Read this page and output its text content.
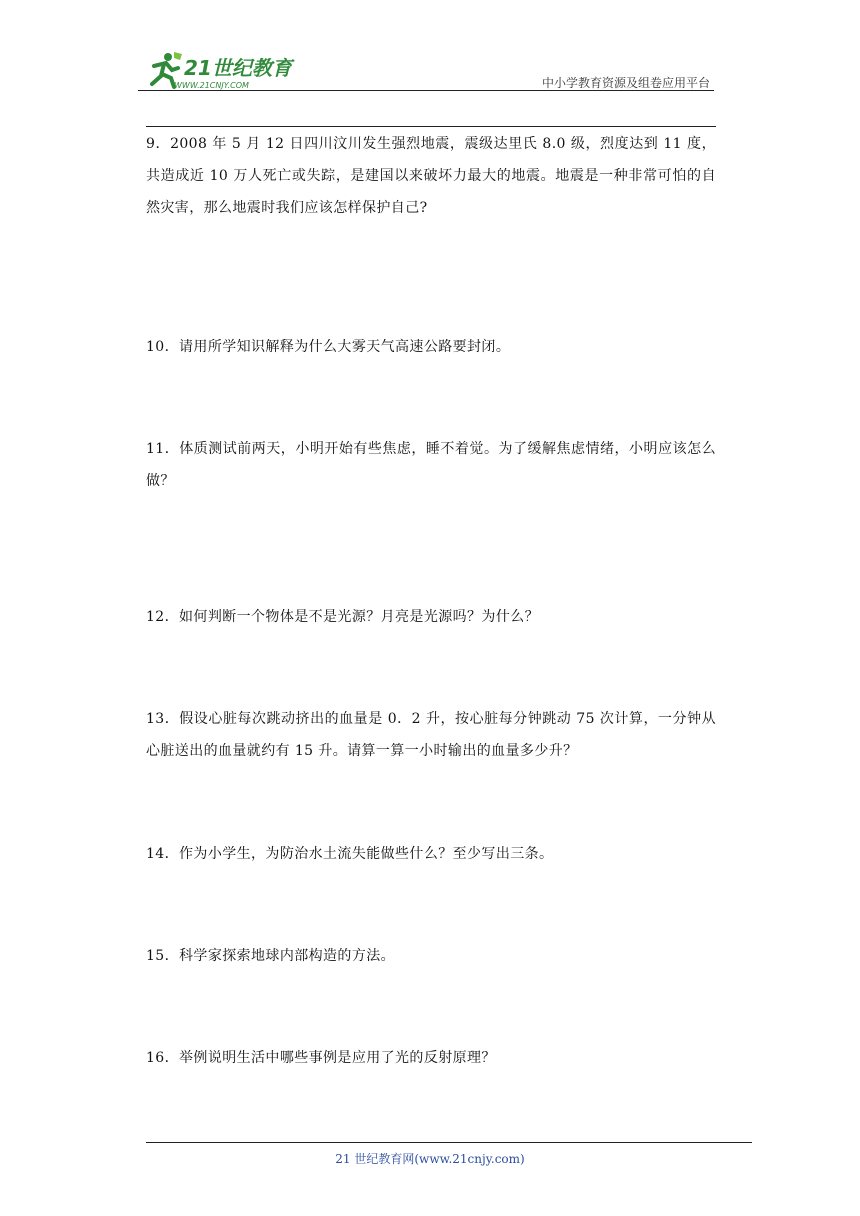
21世纪教育
WWW.21CNJY.COM	中小学教育资源及组卷应用平台
9．2008 年 5 月 12 日四川汶川发生强烈地震，震级达里氏 8.0 级，烈度达到 11 度，共造成近 10 万人死亡或失踪，是建国以来破坏力最大的地震。地震是一种非常可怕的自然灾害，那么地震时我们应该怎样保护自己?
10．请用所学知识解释为什么大雾天气高速公路要封闭。
11．体质测试前两天，小明开始有些焦虑，睡不着觉。为了缓解焦虑情绪，小明应该怎么做？
12．如何判断一个物体是不是光源？月亮是光源吗？为什么？
13．假设心脏每次跳动挤出的血量是 0．2 升，按心脏每分钟跳动 75 次计算，一分钟从心脏送出的血量就约有 15 升。请算一算一小时输出的血量多少升？
14．作为小学生，为防治水土流失能做些什么？至少写出三条。
15．科学家探索地球内部构造的方法。
16．举例说明生活中哪些事例是应用了光的反射原理？
21 世纪教育网(www.21cnjy.com)
